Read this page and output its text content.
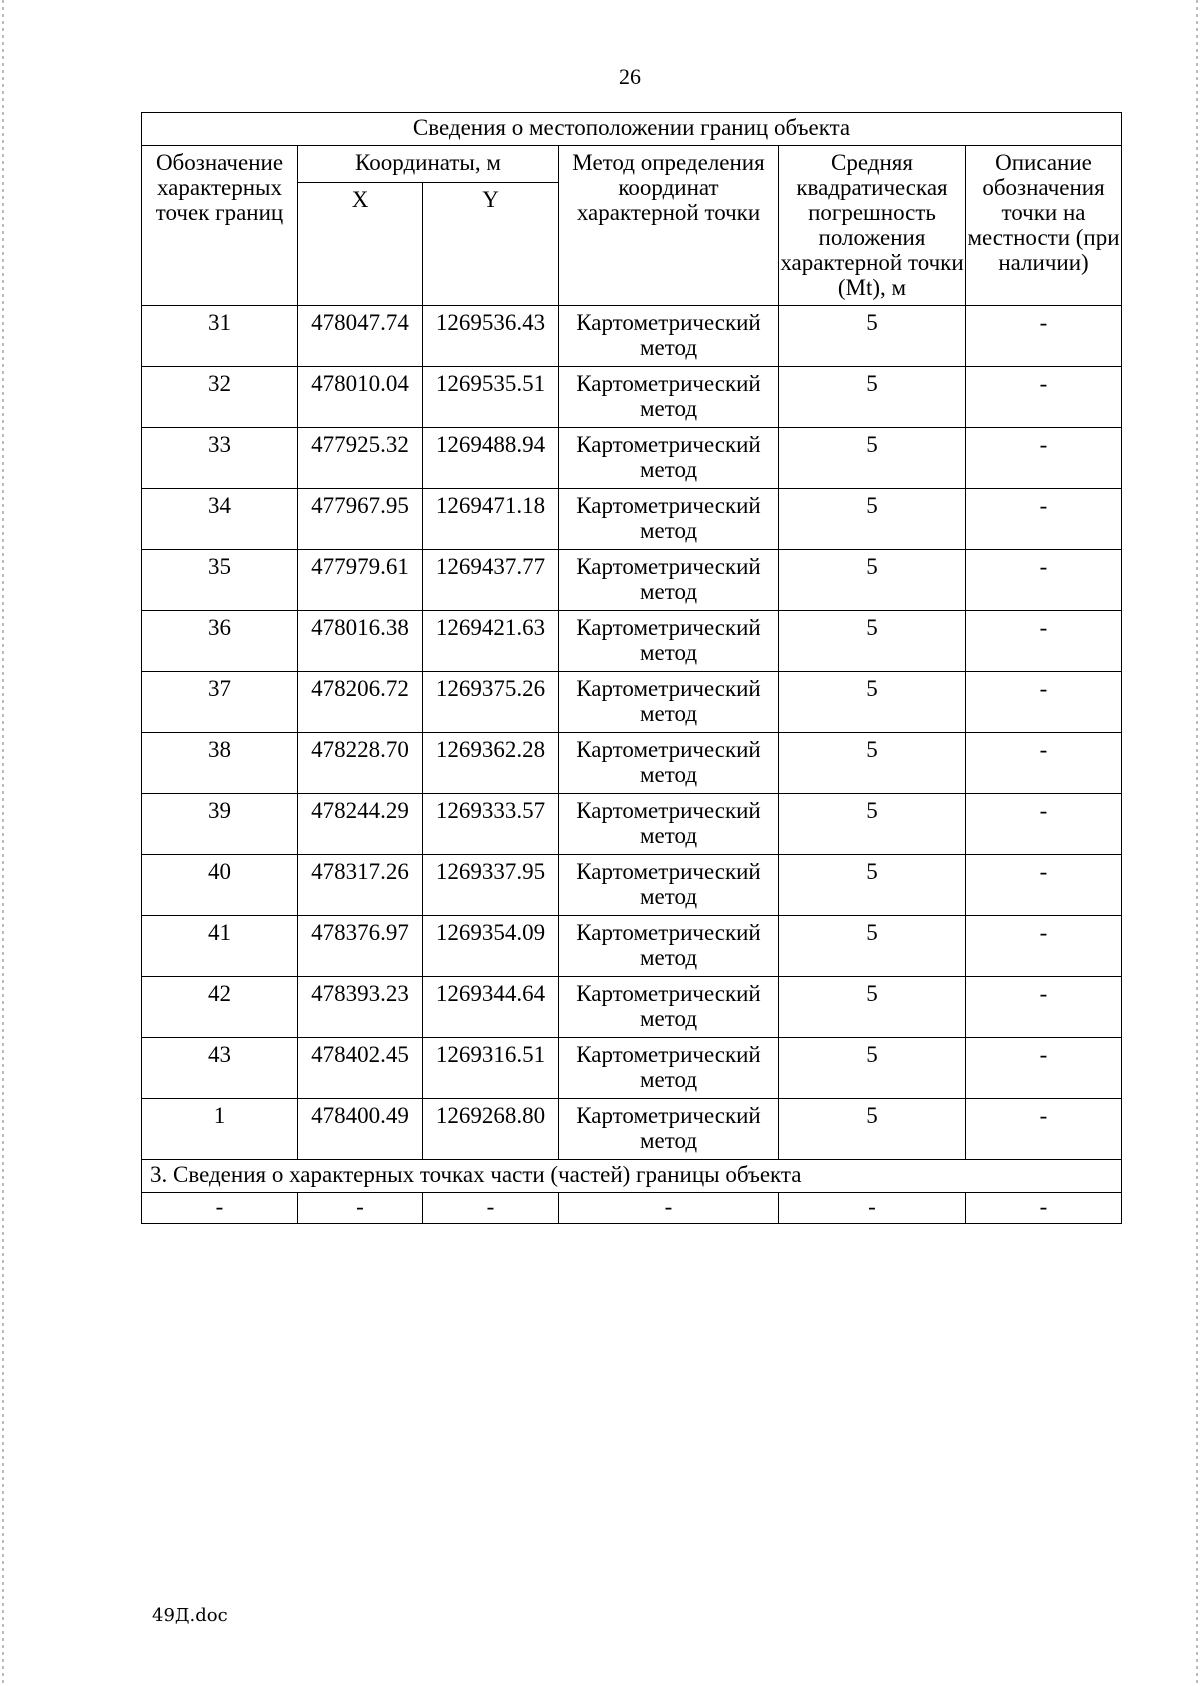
26
Сведения о местоположении границ объекта					
Обозначение характерных точек границ	Координаты, м		Метод определения координат характерной точки	Средняя квадратическая погрешность положения характерной точки (Mt), м	Описание обозначения точки на местности (при наличии)
	X	Y			
31	478047.74	1269536.43	Картометрический метод	5	-
32	478010.04	1269535.51	Картометрический метод	5	-
33	477925.32	1269488.94	Картометрический метод	5	-
34	477967.95	1269471.18	Картометрический метод	5	-
35	477979.61	1269437.77	Картометрический метод	5	-
36	478016.38	1269421.63	Картометрический метод	5	-
37	478206.72	1269375.26	Картометрический метод	5	-
38	478228.70	1269362.28	Картометрический метод	5	-
39	478244.29	1269333.57	Картометрический метод	5	-
40	478317.26	1269337.95	Картометрический метод	5	-
41	478376.97	1269354.09	Картометрический метод	5	-
42	478393.23	1269344.64	Картометрический метод	5	-
43	478402.45	1269316.51	Картометрический метод	5	-
1	478400.49	1269268.80	Картометрический метод	5	-
3. Сведения о характерных точках части (частей) границы объекта					
-	-	-	-	-	-
49Д.doc
